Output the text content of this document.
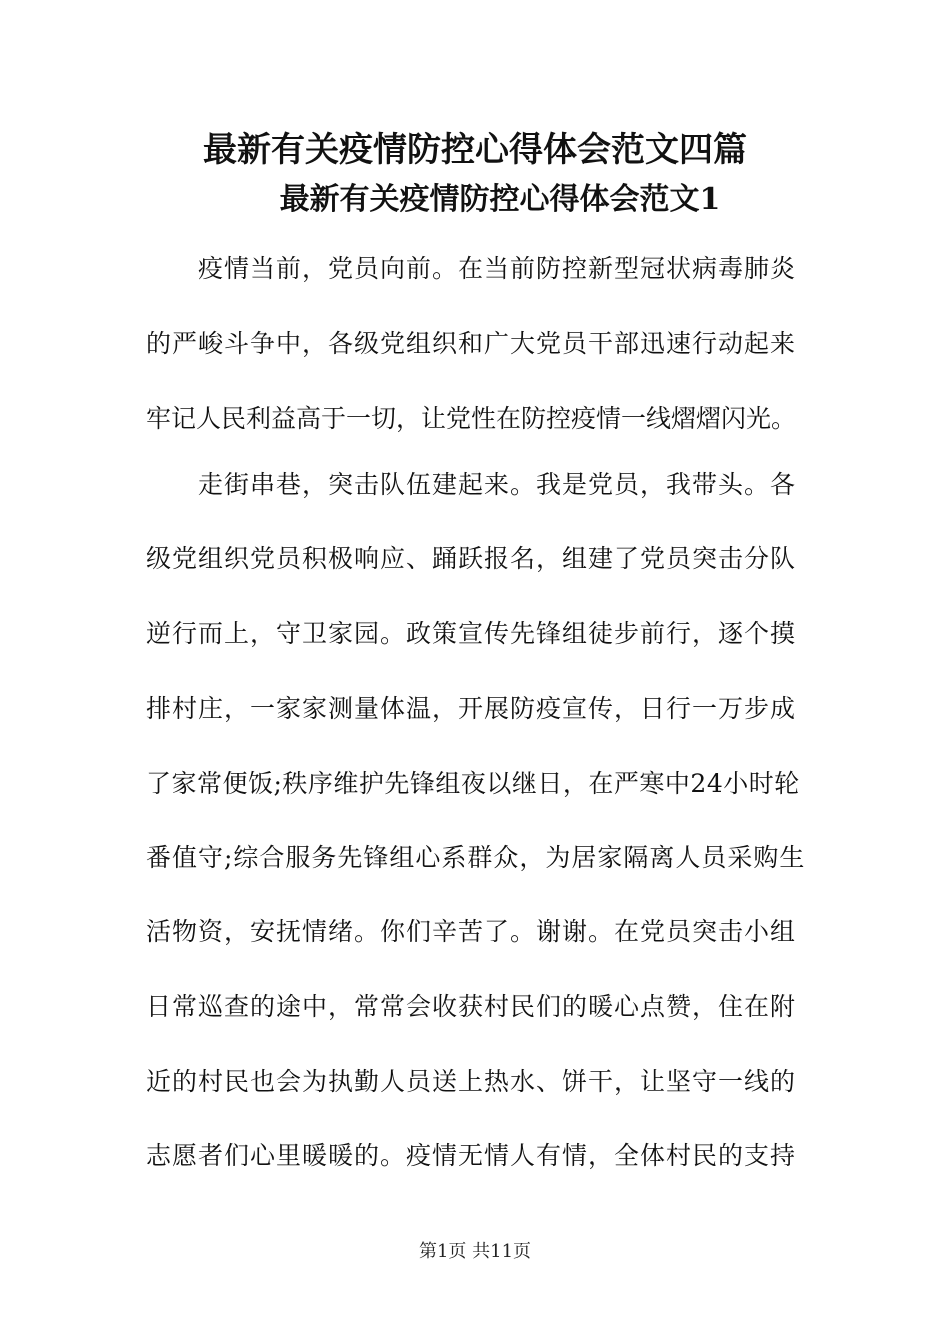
最新有关疫情防控心得体会范文四篇
最新有关疫情防控心得体会范文1
　　疫情当前，党员向前。在当前防控新型冠状病毒肺炎
的严峻斗争中，各级党组织和广大党员干部迅速行动起来
牢记人民利益高于一切，让党性在防控疫情一线熠熠闪光。
　　走街串巷，突击队伍建起来。我是党员，我带头。各
级党组织党员积极响应、踊跃报名，组建了党员突击分队
逆行而上，守卫家园。政策宣传先锋组徒步前行，逐个摸
排村庄，一家家测量体温，开展防疫宣传，日行一万步成
了家常便饭;秩序维护先锋组夜以继日，在严寒中24小时轮
番值守;综合服务先锋组心系群众，为居家隔离人员采购生
活物资，安抚情绪。你们辛苦了。谢谢。在党员突击小组
日常巡查的途中，常常会收获村民们的暖心点赞，住在附
近的村民也会为执勤人员送上热水、饼干，让坚守一线的
志愿者们心里暖暖的。疫情无情人有情，全体村民的支持
第1页 共11页
